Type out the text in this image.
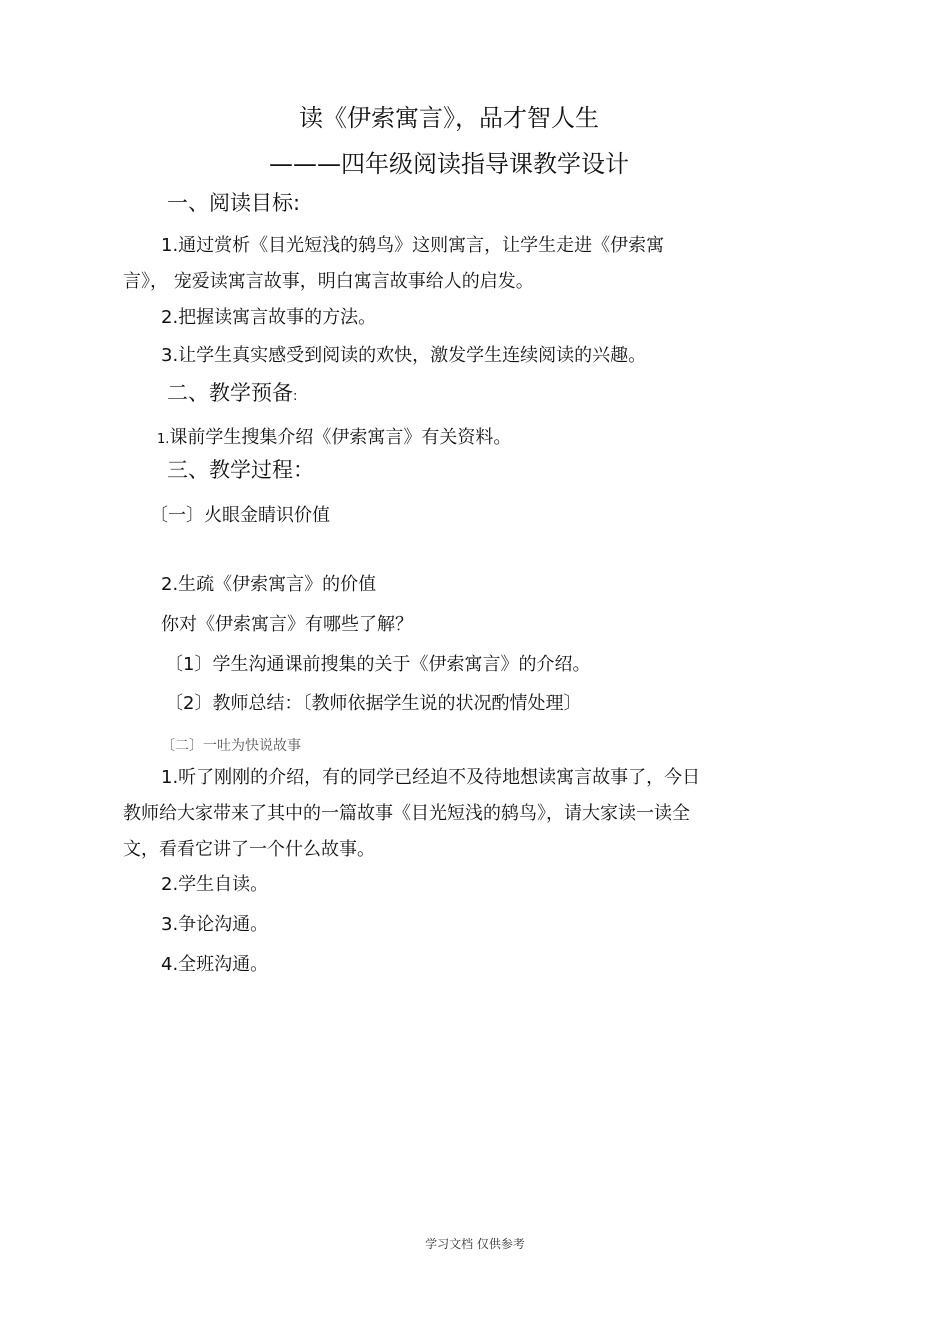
读《伊索寓言》，品才智人生
———四年级阅读指导课教学设计
一、阅读目标:
1.通过赏析《目光短浅的鸫鸟》这则寓言，让学生走进《伊索寓
言》， 宠爱读寓言故事，明白寓言故事给人的启发。
2.把握读寓言故事的方法。
3.让学生真实感受到阅读的欢快，激发学生连续阅读的兴趣。
二、教学预备:
1.课前学生搜集介绍《伊索寓言》有关资料。
三、教学过程：
〔一〕火眼金睛识价值
2.生疏《伊索寓言》的价值
你对《伊索寓言》有哪些了解？
〔1〕学生沟通课前搜集的关于《伊索寓言》的介绍。
〔2〕教师总结：〔教师依据学生说的状况酌情处理〕
〔二〕一吐为快说故事
1.听了刚刚的介绍，有的同学已经迫不及待地想读寓言故事了，今日
教师给大家带来了其中的一篇故事《目光短浅的鸫鸟》，请大家读一读全
文，看看它讲了一个什么故事。
2.学生自读。
3.争论沟通。
4.全班沟通。
学习文档 仅供参考
